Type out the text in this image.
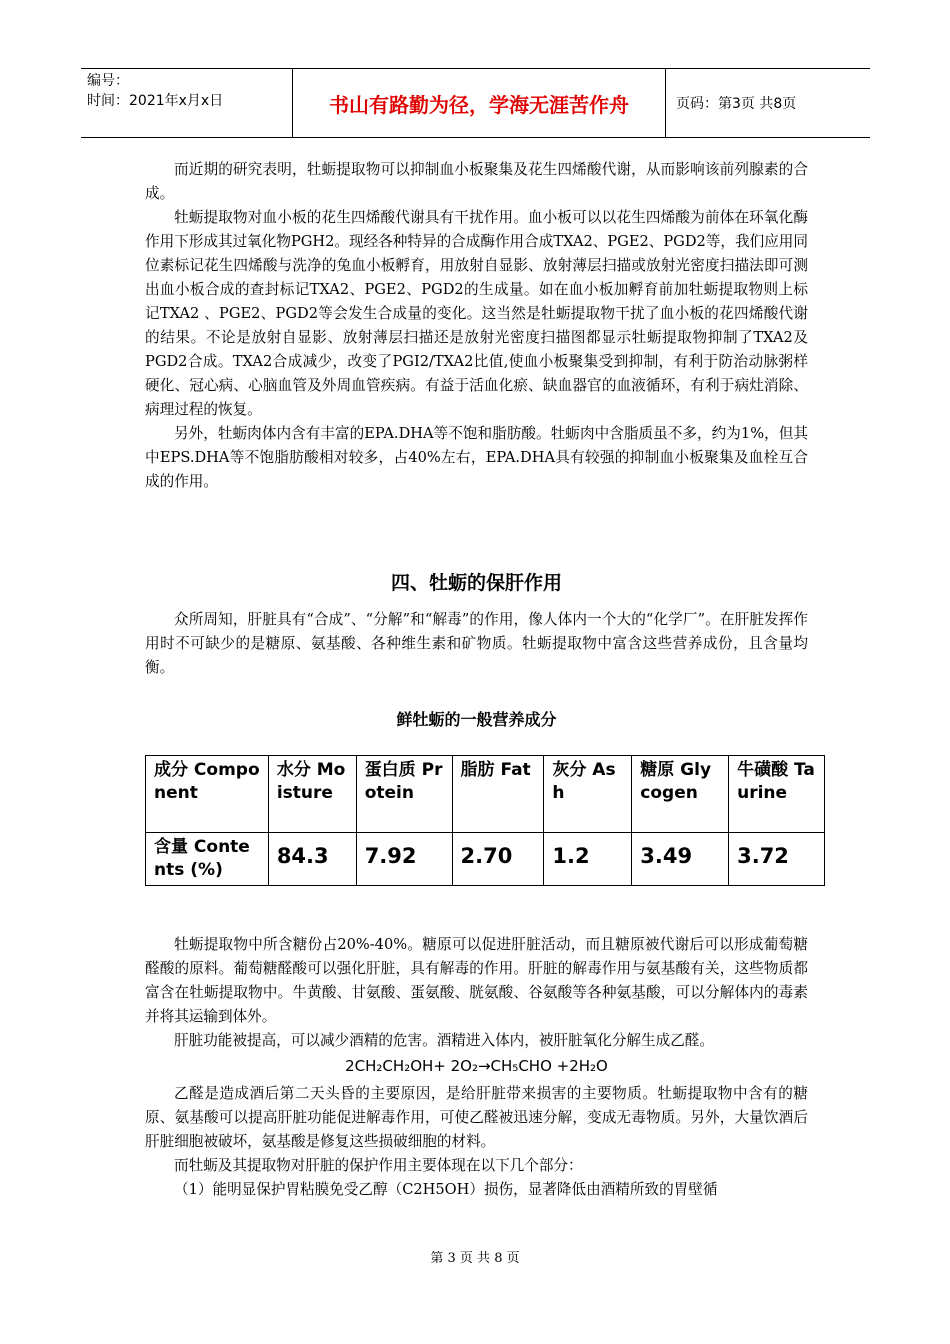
编号：
时间：2021年x月x日	书山有路勤为径，学海无涯苦作舟	页码：第3页 共8页

而近期的研究表明，牡蛎提取物可以抑制血小板聚集及花生四烯酸代谢，从而影响该前列腺素的合成。

牡蛎提取物对血小板的花生四烯酸代谢具有干扰作用。血小板可以以花生四烯酸为前体在环氧化酶作用下形成其过氧化物PGH2。现经各种特异的合成酶作用合成TXA2、PGE2、PGD2等，我们应用同位素标记花生四烯酸与洗净的兔血小板孵育，用放射自显影、放射薄层扫描或放射光密度扫描法即可测出血小板合成的查封标记TXA2、PGE2、PGD2的生成量。如在血小板加孵育前加牡蛎提取物则上标记TXA2 、PGE2、PGD2等会发生合成量的变化。这当然是牡蛎提取物干扰了血小板的花四烯酸代谢的结果。不论是放射自显影、放射薄层扫描还是放射光密度扫描图都显示牡蛎提取物抑制了TXA2及PGD2合成。TXA2合成减少，改变了PGI2/TXA2比值,使血小板聚集受到抑制，有利于防治动脉粥样硬化、冠心病、心脑血管及外周血管疾病。有益于活血化瘀、缺血器官的血液循环，有利于病灶消除、病理过程的恢复。

另外，牡蛎肉体内含有丰富的EPA.DHA等不饱和脂肪酸。牡蛎肉中含脂质虽不多，约为1%，但其中EPS.DHA等不饱脂肪酸相对较多，占40%左右，EPA.DHA具有较强的抑制血小板聚集及血栓互合成的作用。

四、牡蛎的保肝作用

众所周知，肝脏具有“合成”、“分解”和“解毒”的作用，像人体内一个大的“化学厂”。在肝脏发挥作用时不可缺少的是糖原、氨基酸、各种维生素和矿物质。牡蛎提取物中富含这些营养成份，且含量均衡。

鲜牡蛎的一般营养成分
成分 Component	水分 Moisture	蛋白质 Protein	脂肪 Fat	灰分 Ash	糖原 Glycogen	牛磺酸 Taurine
含量 Contents (%)	84.3	7.92	2.70	1.2	3.49	3.72

牡蛎提取物中所含糖份占20%-40%。糖原可以促进肝脏活动，而且糖原被代谢后可以形成葡萄糖醛酸的原料。葡萄糖醛酸可以强化肝脏，具有解毒的作用。肝脏的解毒作用与氨基酸有关，这些物质都富含在牡蛎提取物中。牛黄酸、甘氨酸、蛋氨酸、胱氨酸、谷氨酸等各种氨基酸，可以分解体内的毒素并将其运输到体外。

肝脏功能被提高，可以减少酒精的危害。酒精进入体内，被肝脏氧化分解生成乙醛。

2CH₂CH₂OH+ 2O₂→CH₅CHO +2H₂O

乙醛是造成酒后第二天头昏的主要原因，是给肝脏带来损害的主要物质。牡蛎提取物中含有的糖原、氨基酸可以提高肝脏功能促进解毒作用，可使乙醛被迅速分解，变成无毒物质。另外，大量饮酒后肝脏细胞被破坏，氨基酸是修复这些损破细胞的材料。

而牡蛎及其提取物对肝脏的保护作用主要体现在以下几个部分：

（1）能明显保护胃粘膜免受乙醇（C2H5OH）损伤，显著降低由酒精所致的胃壁循

第 3 页 共 8 页
